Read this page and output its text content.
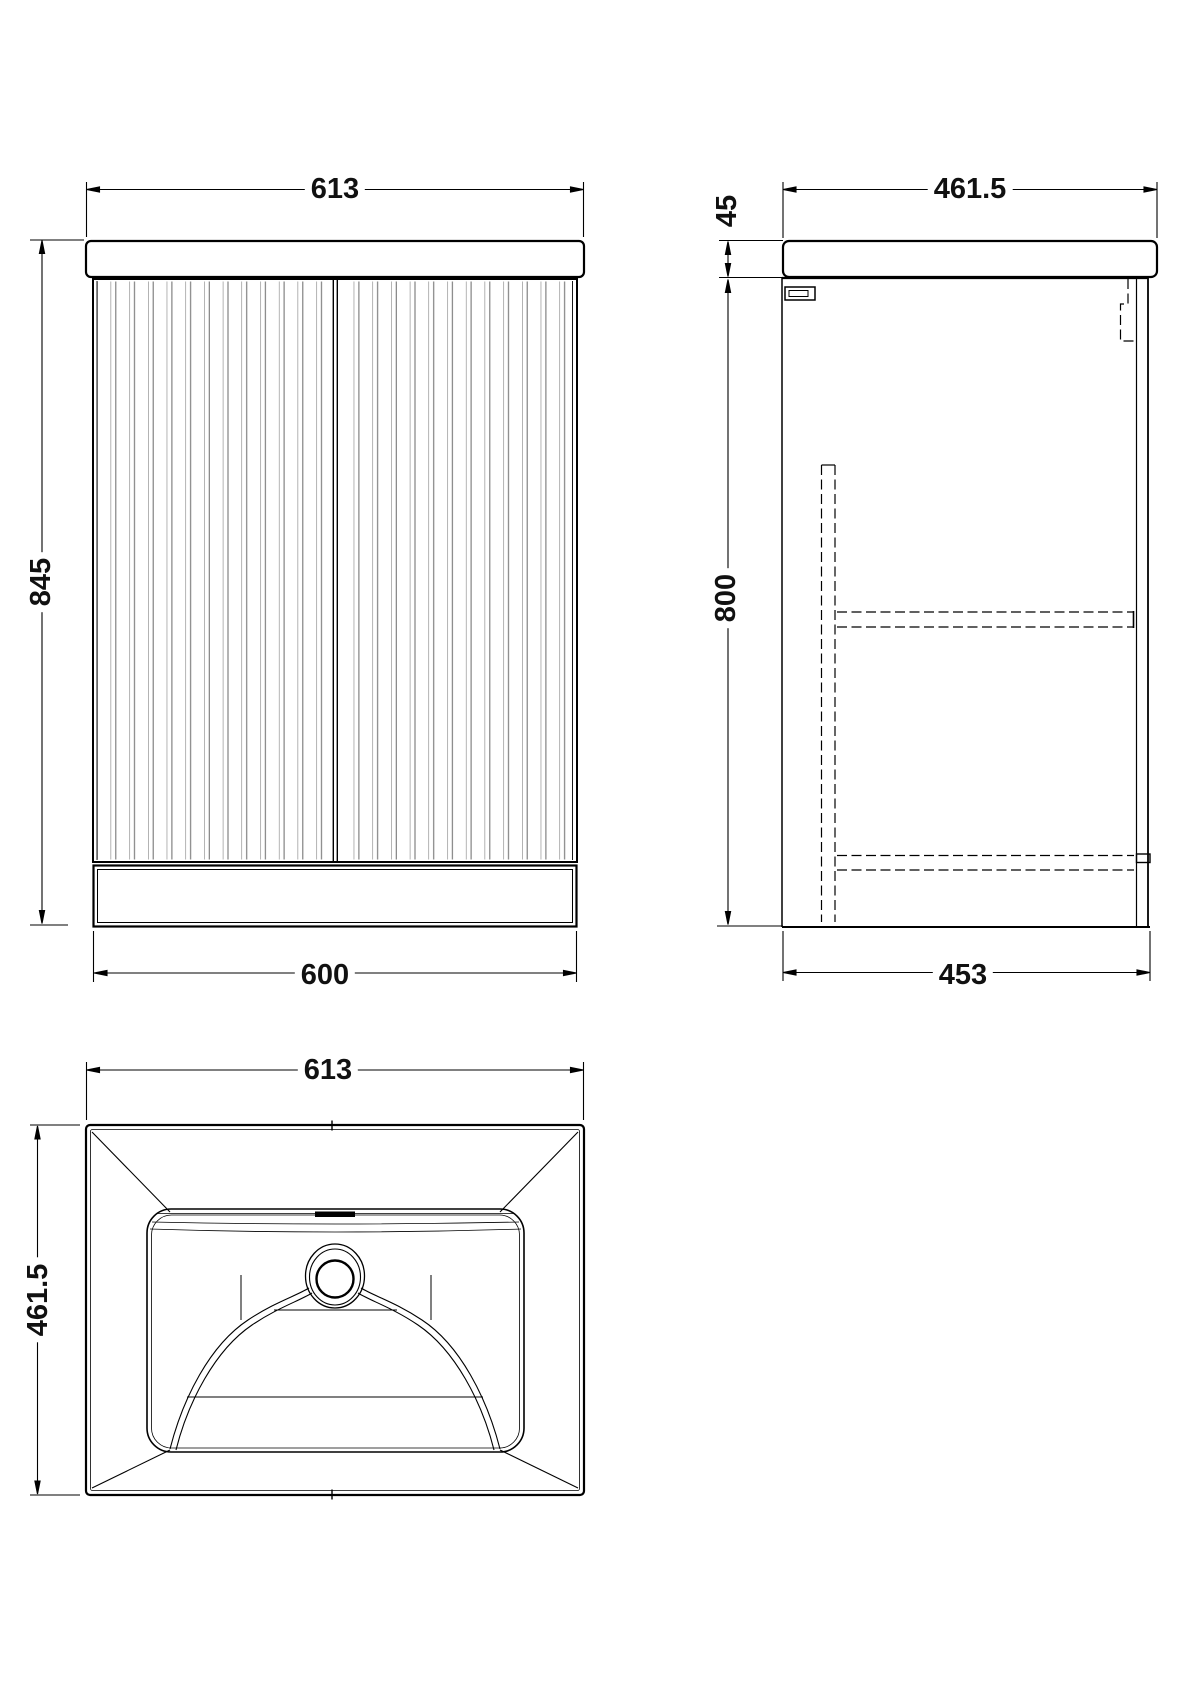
613
845
600
461.5
45
800
453
613
461.5
